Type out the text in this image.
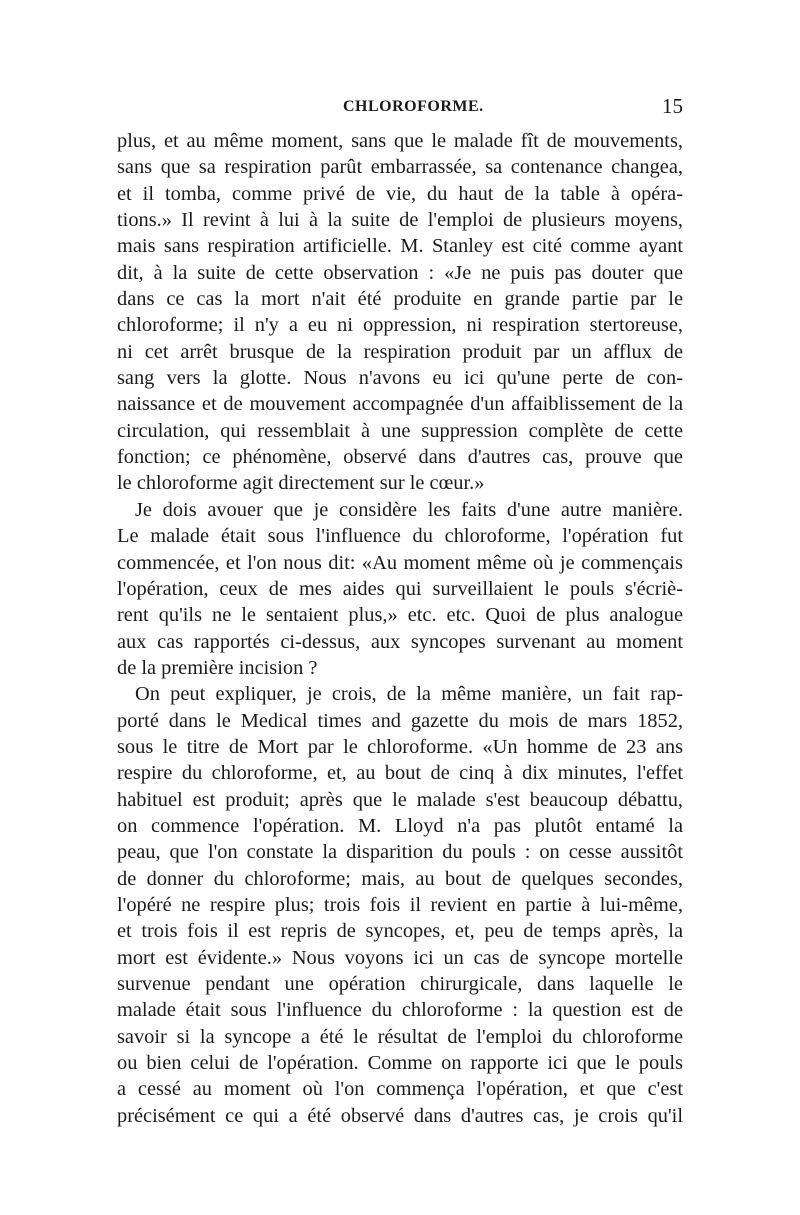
CHLOROFORME.	15
plus, et au même moment, sans que le malade fît de mouvements,
sans que sa respiration parût embarrassée, sa contenance changea,
et il tomba, comme privé de vie, du haut de la table à opéra-
tions.» Il revint à lui à la suite de l'emploi de plusieurs moyens,
mais sans respiration artificielle. M. Stanley est cité comme ayant
dit, à la suite de cette observation : «Je ne puis pas douter que
dans ce cas la mort n'ait été produite en grande partie par le
chloroforme; il n'y a eu ni oppression, ni respiration stertoreuse,
ni cet arrêt brusque de la respiration produit par un afflux de
sang vers la glotte. Nous n'avons eu ici qu'une perte de con-
naissance et de mouvement accompagnée d'un affaiblissement de la
circulation, qui ressemblait à une suppression complète de cette
fonction; ce phénomène, observé dans d'autres cas, prouve que
le chloroforme agit directement sur le cœur.»
Je dois avouer que je considère les faits d'une autre manière.
Le malade était sous l'influence du chloroforme, l'opération fut
commencée, et l'on nous dit: «Au moment même où je commençais
l'opération, ceux de mes aides qui surveillaient le pouls s'écriè-
rent qu'ils ne le sentaient plus,» etc. etc. Quoi de plus analogue
aux cas rapportés ci-dessus, aux syncopes survenant au moment
de la première incision ?
On peut expliquer, je crois, de la même manière, un fait rap-
porté dans le Medical times and gazette du mois de mars 1852,
sous le titre de Mort par le chloroforme. «Un homme de 23 ans
respire du chloroforme, et, au bout de cinq à dix minutes, l'effet
habituel est produit; après que le malade s'est beaucoup débattu,
on commence l'opération. M. Lloyd n'a pas plutôt entamé la
peau, que l'on constate la disparition du pouls : on cesse aussitôt
de donner du chloroforme; mais, au bout de quelques secondes,
l'opéré ne respire plus; trois fois il revient en partie à lui-même,
et trois fois il est repris de syncopes, et, peu de temps après, la
mort est évidente.» Nous voyons ici un cas de syncope mortelle
survenue pendant une opération chirurgicale, dans laquelle le
malade était sous l'influence du chloroforme : la question est de
savoir si la syncope a été le résultat de l'emploi du chloroforme
ou bien celui de l'opération. Comme on rapporte ici que le pouls
a cessé au moment où l'on commença l'opération, et que c'est
précisément ce qui a été observé dans d'autres cas, je crois qu'il
